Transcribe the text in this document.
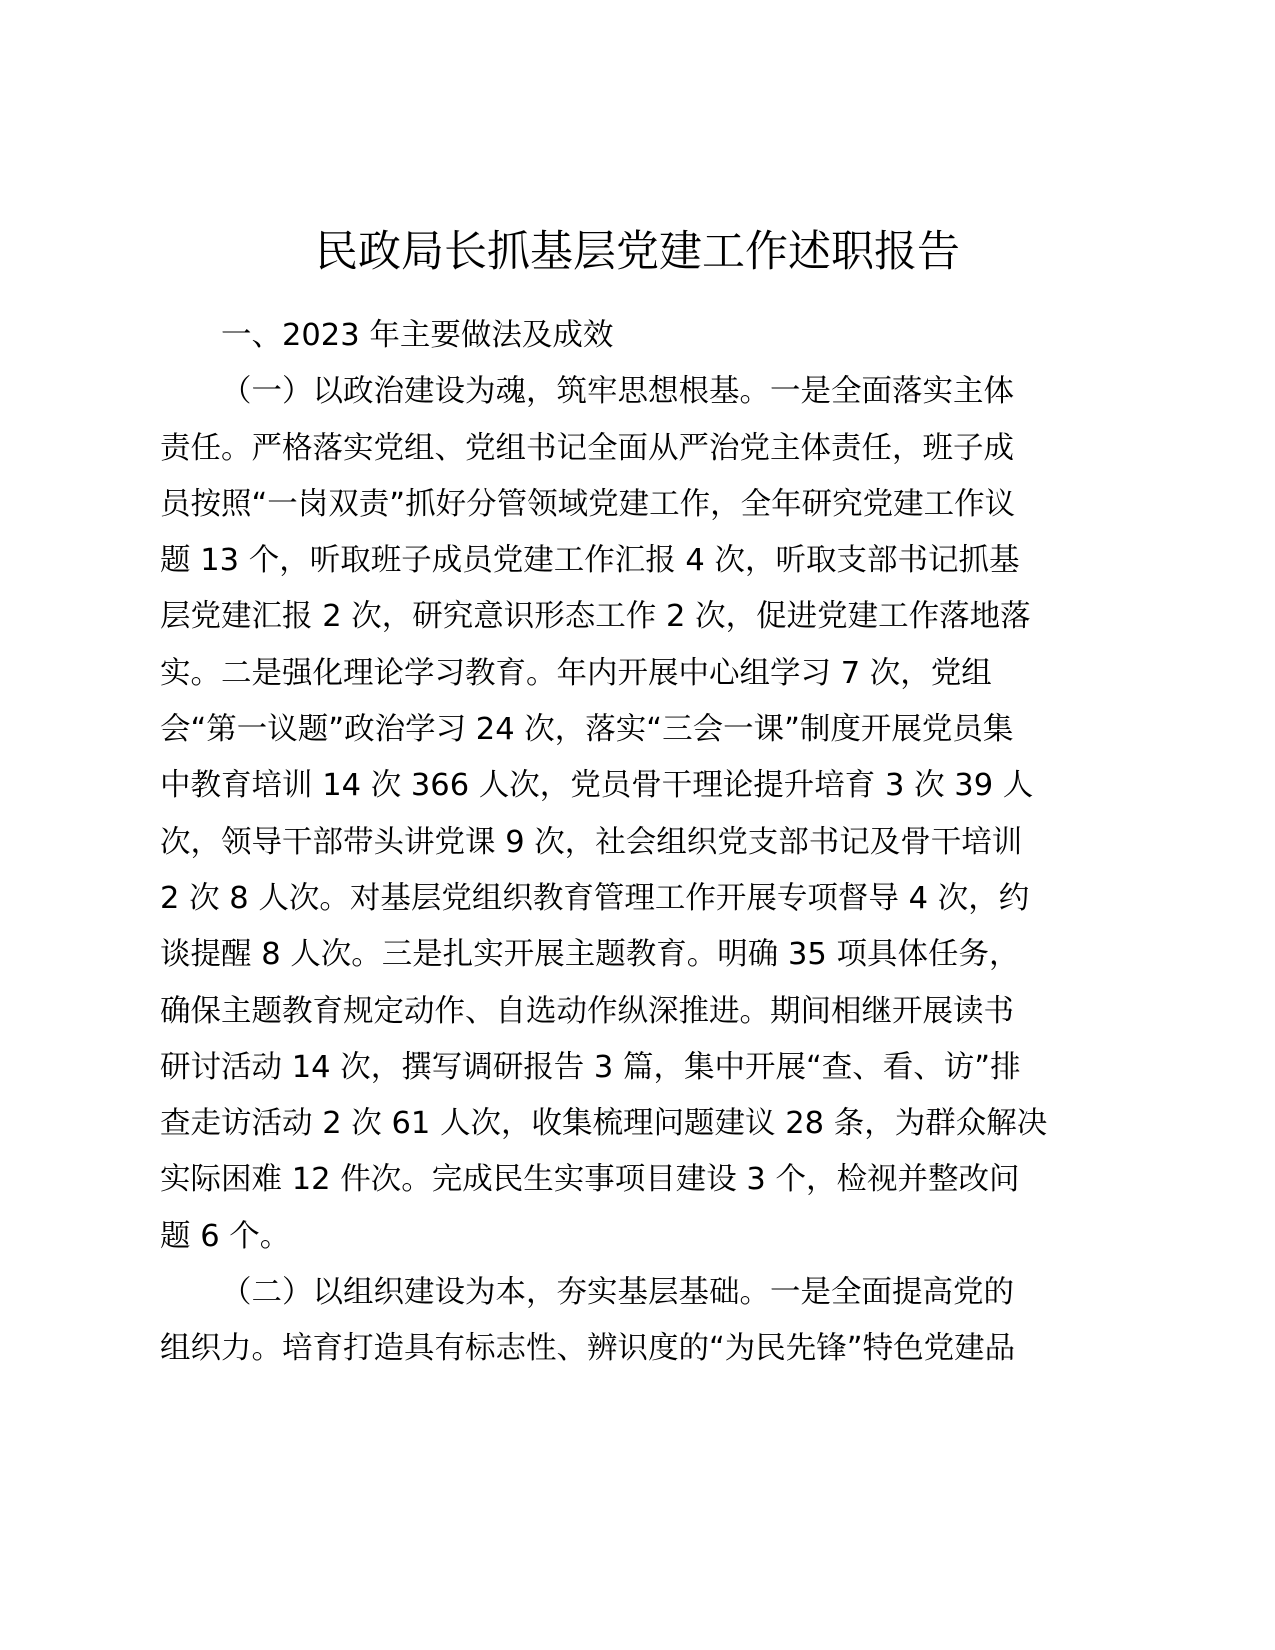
民政局长抓基层党建工作述职报告
一、2023 年主要做法及成效
（一）以政治建设为魂，筑牢思想根基。一是全面落实主体
责任。严格落实党组、党组书记全面从严治党主体责任，班子成
员按照“一岗双责”抓好分管领域党建工作，全年研究党建工作议
题 13 个，听取班子成员党建工作汇报 4 次，听取支部书记抓基
层党建汇报 2 次，研究意识形态工作 2 次，促进党建工作落地落
实。二是强化理论学习教育。年内开展中心组学习 7 次，党组
会“第一议题”政治学习 24 次，落实“三会一课”制度开展党员集
中教育培训 14 次 366 人次，党员骨干理论提升培育 3 次 39 人
次，领导干部带头讲党课 9 次，社会组织党支部书记及骨干培训
2 次 8 人次。对基层党组织教育管理工作开展专项督导 4 次，约
谈提醒 8 人次。三是扎实开展主题教育。明确 35 项具体任务，
确保主题教育规定动作、自选动作纵深推进。期间相继开展读书
研讨活动 14 次，撰写调研报告 3 篇，集中开展“查、看、访”排
查走访活动 2 次 61 人次，收集梳理问题建议 28 条，为群众解决
实际困难 12 件次。完成民生实事项目建设 3 个，检视并整改问
题 6 个。
（二）以组织建设为本，夯实基层基础。一是全面提高党的
组织力。培育打造具有标志性、辨识度的“为民先锋”特色党建品
